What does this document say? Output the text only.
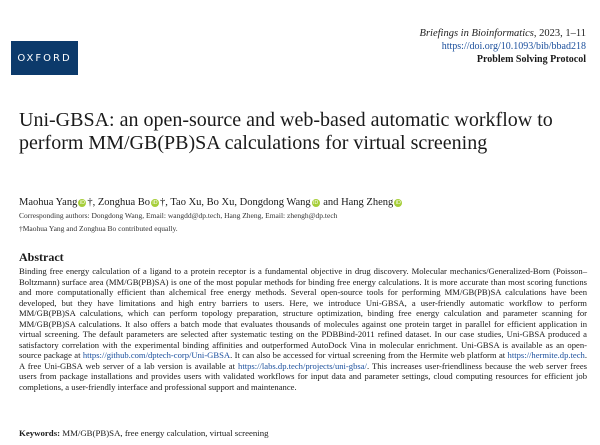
OXFORD
Briefings in Bioinformatics, 2023, 1–11
https://doi.org/10.1093/bib/bbad218
Problem Solving Protocol
Uni-GBSA: an open-source and web-based automatic workflow to perform MM/GB(PB)SA calculations for virtual screening
Maohua Yang iD †, Zonghua Bo iD †, Tao Xu, Bo Xu, Dongdong Wang iD and Hang Zheng iD
Corresponding authors: Dongdong Wang, Email: wangdd@dp.tech, Hang Zheng, Email: zhengh@dp.tech
†Maohua Yang and Zonghua Bo contributed equally.
Abstract

Binding free energy calculation of a ligand to a protein receptor is a fundamental objective in drug discovery. Molecular mechanics/Generalized-Born (Poisson–Boltzmann) surface area (MM/GB(PB)SA) is one of the most popular methods for binding free energy calculations. It is more accurate than most scoring functions and more computationally efficient than alchemical free energy methods. Several open-source tools for performing MM/GB(PB)SA calculations have been developed, but they have limitations and high entry barriers to users. Here, we introduce Uni-GBSA, a user-friendly automatic workflow to perform MM/GB(PB)SA calculations, which can perform topology preparation, structure optimization, binding free energy calculation and parameter scanning for MM/GB(PB)SA calculations. It also offers a batch mode that evaluates thousands of molecules against one protein target in parallel for efficient application in virtual screening. The default parameters are selected after systematic testing on the PDBBind-2011 refined dataset. In our case studies, Uni-GBSA produced a satisfactory correlation with the experimental binding affinities and outperformed AutoDock Vina in molecular enrichment. Uni-GBSA is available as an open-source package at https://github.com/dptech-corp/Uni-GBSA. It can also be accessed for virtual screening from the Hermite web platform at https://hermite.dp.tech. A free Uni-GBSA web server of a lab version is available at https://labs.dp.tech/projects/uni-gbsa/. This increases user-friendliness because the web server frees users from package installations and provides users with validated workflows for input data and parameter settings, cloud computing resources for efficient job completions, a user-friendly interface and professional support and maintenance.

Keywords: MM/GB(PB)SA, free energy calculation, virtual screening
